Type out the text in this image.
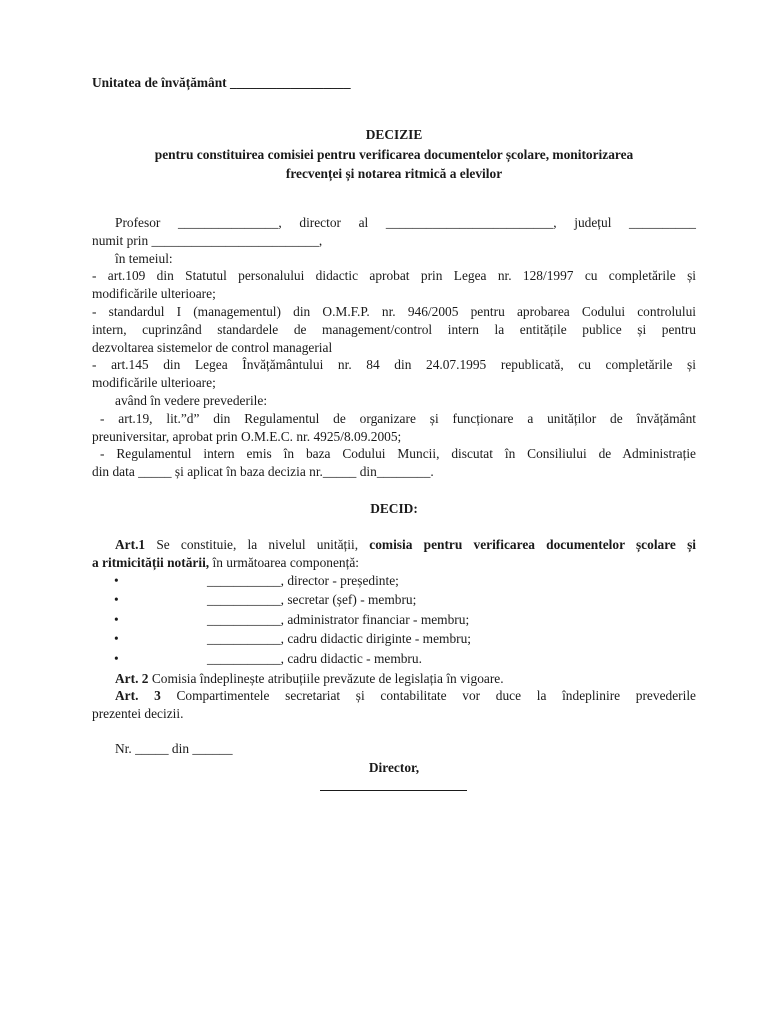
Unitatea de învățământ __________________
DECIZIE
pentru constituirea comisiei pentru verificarea documentelor școlare, monitorizarea
frecvenței și notarea ritmică a elevilor
Profesor _______________, director al _________________________, județul __________
numit prin _________________________,
în temeiul:
- art.109 din Statutul personalului didactic aprobat prin Legea nr. 128/1997 cu completările și
modificările ulterioare;
- standardul I (managementul) din O.M.F.P. nr. 946/2005 pentru aprobarea Codului controlului
intern, cuprinzând standardele de management/control intern la entitățile publice și pentru
dezvoltarea sistemelor de control managerial
- art.145 din Legea Învățământului nr. 84 din 24.07.1995 republicată, cu completările și
modificările ulterioare;
având în vedere prevederile:
- art.19, lit.”d” din Regulamentul de organizare și funcționare a unităților de învățământ
preuniversitar, aprobat prin O.M.E.C. nr. 4925/8.09.2005;
- Regulamentul intern emis în baza Codului Muncii, discutat în Consiliului de Administrație
din data _____ și aplicat în baza decizia nr._____ din________.
DECID:
Art.1 Se constituie, la nivelul unității, comisia pentru verificarea documentelor școlare și
a ritmicității notării, în următoarea componență:
•	___________, director - președinte;
•	___________, secretar (șef) - membru;
•	___________, administrator financiar - membru;
•	___________, cadru didactic diriginte - membru;
•	___________, cadru didactic - membru.
Art. 2 Comisia îndeplinește atribuțiile prevăzute de legislația în vigoare.
Art. 3 Compartimentele secretariat și contabilitate vor duce la îndeplinire prevederile
prezentei decizii.
Nr. _____ din ______
Director,
